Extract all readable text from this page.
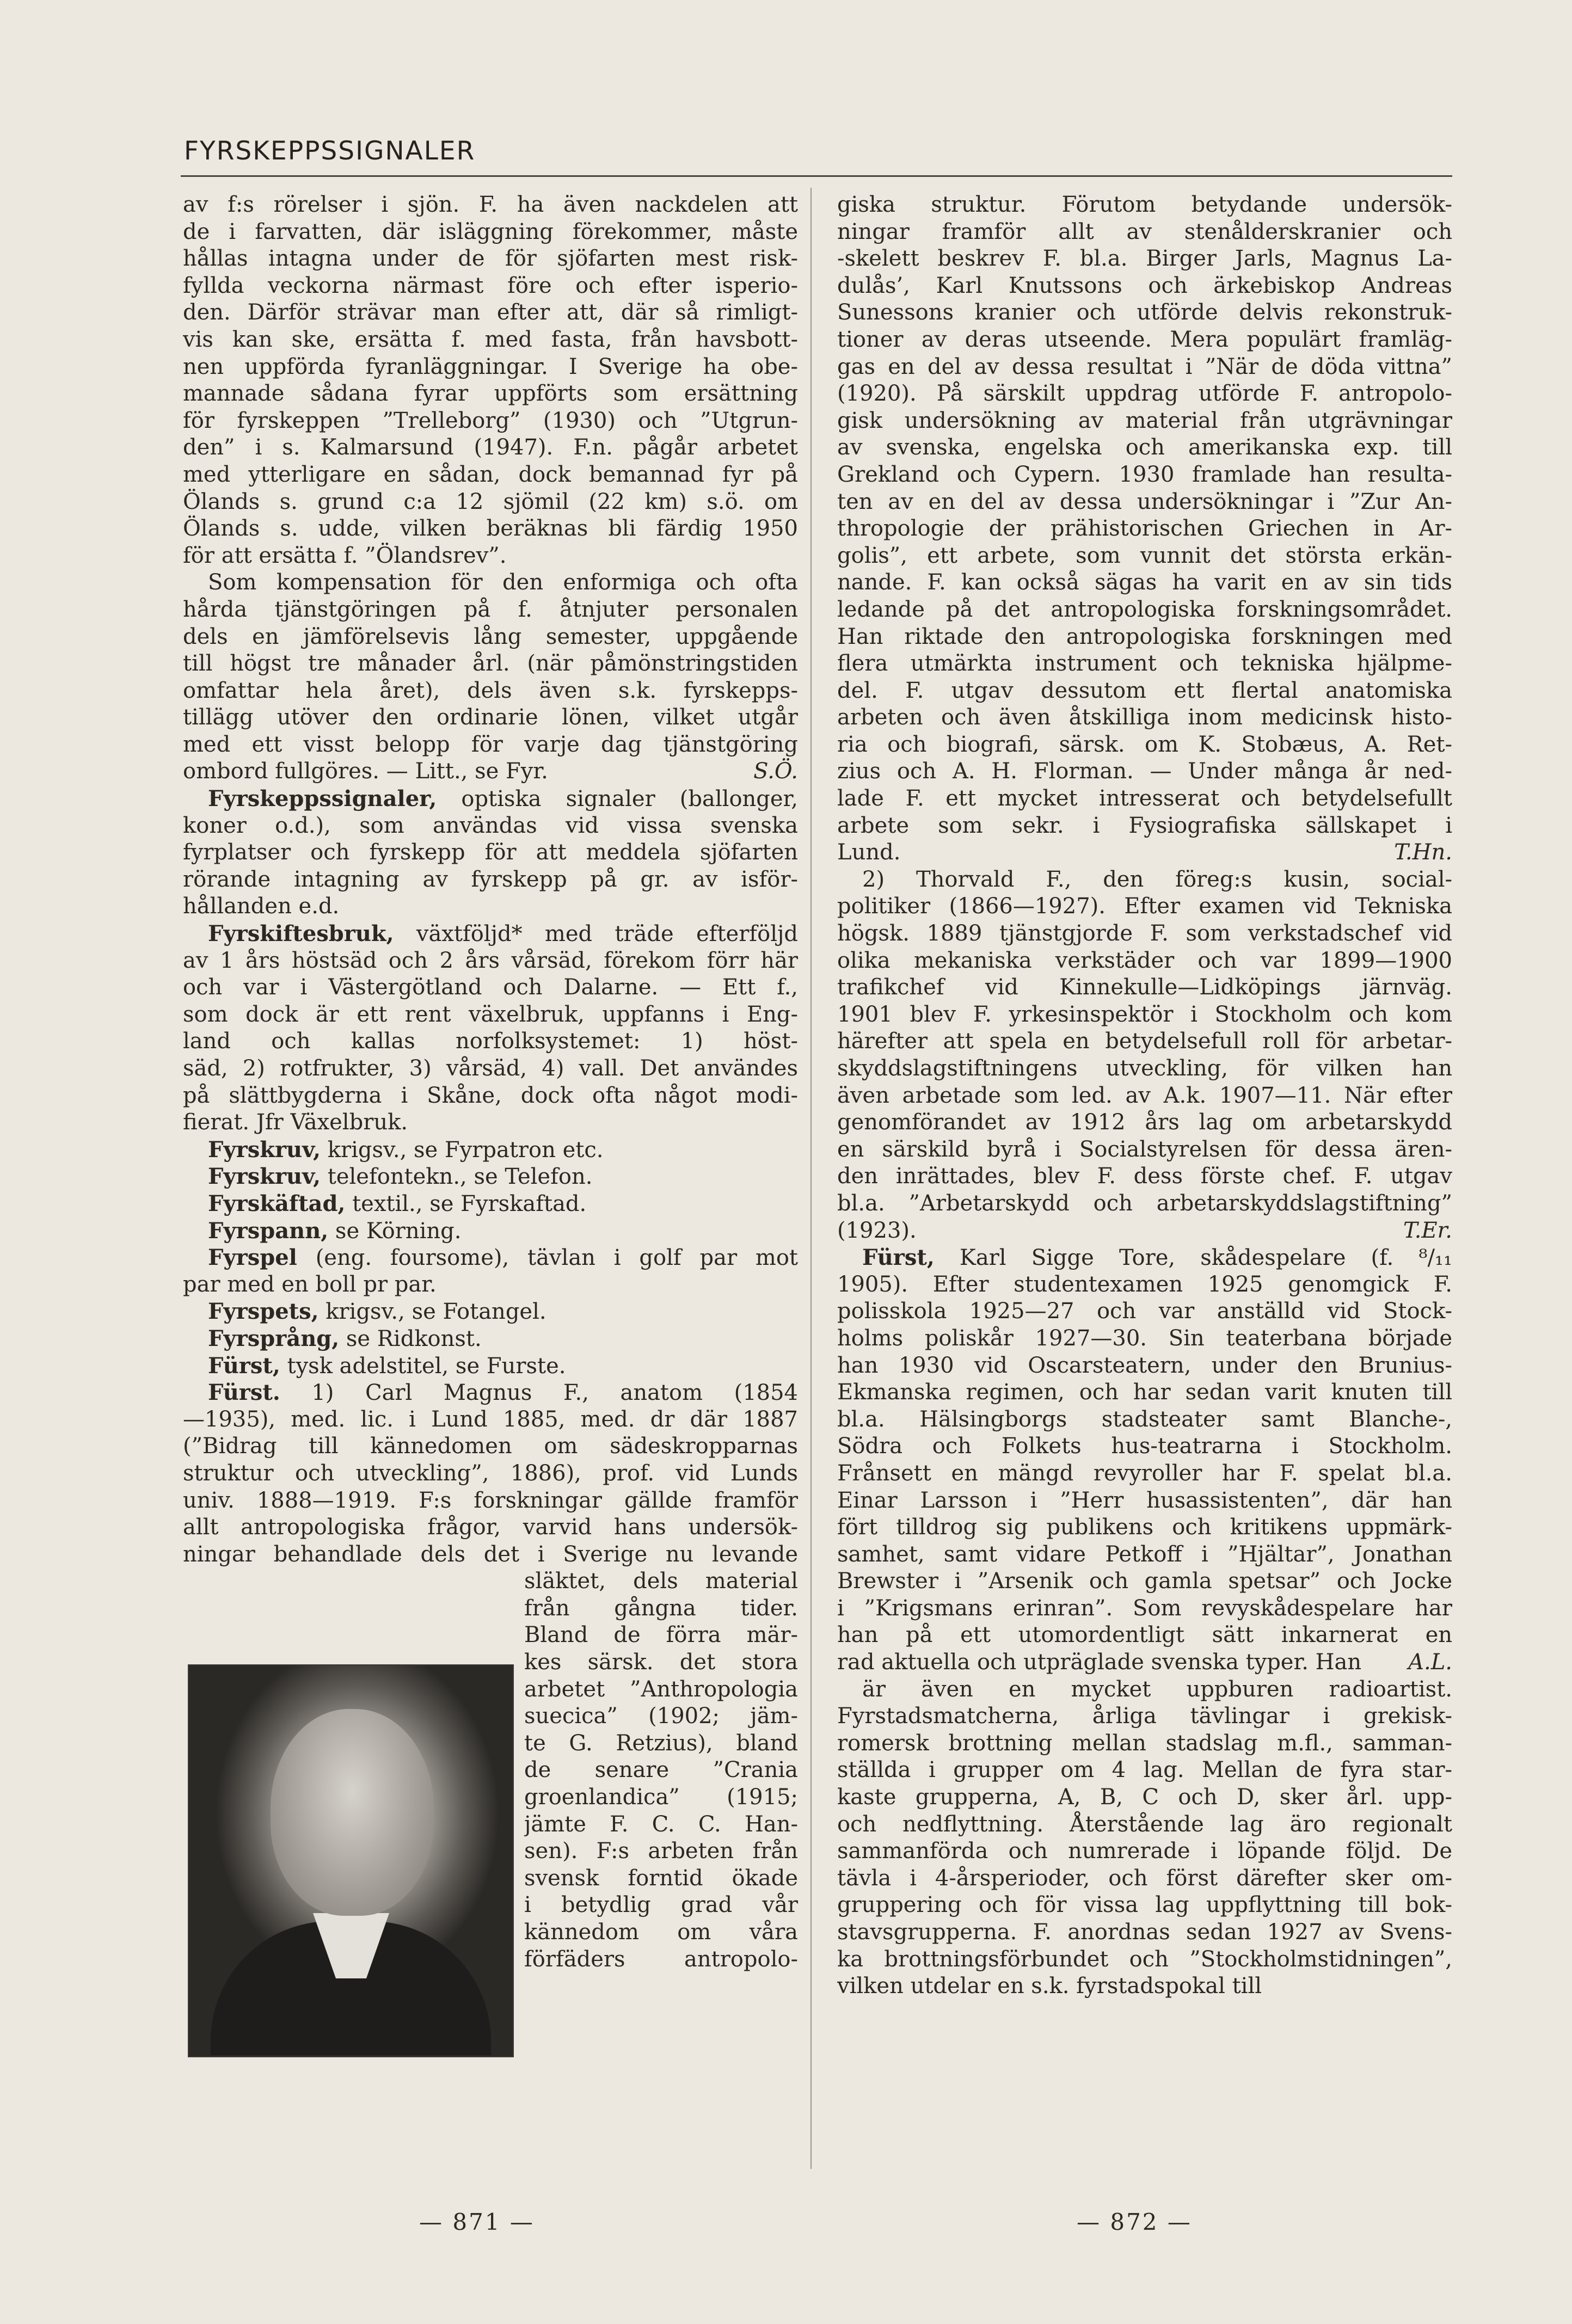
FYRSKEPPSSIGNALER
av f:s rörelser i sjön. F. ha även nackdelen att
de i farvatten, där isläggning förekommer, måste
hållas intagna under de för sjöfarten mest risk-
fyllda veckorna närmast före och efter isperio-
den. Därför strävar man efter att, där så rimligt-
vis kan ske, ersätta f. med fasta, från havsbott-
nen uppförda fyranläggningar. I Sverige ha obe-
mannade sådana fyrar uppförts som ersättning
för fyrskeppen ”Trelleborg” (1930) och ”Utgrun-
den” i s. Kalmarsund (1947). F.n. pågår arbetet
med ytterligare en sådan, dock bemannad fyr på
Ölands s. grund c:a 12 sjömil (22 km) s.ö. om
Ölands s. udde, vilken beräknas bli färdig 1950
för att ersätta f. ”Ölandsrev”.
Som kompensation för den enformiga och ofta
hårda tjänstgöringen på f. åtnjuter personalen
dels en jämförelsevis lång semester, uppgående
till högst tre månader årl. (när påmönstringstiden
omfattar hela året), dels även s.k. fyrskepps-
tillägg utöver den ordinarie lönen, vilket utgår
med ett visst belopp för varje dag tjänstgöring
ombord fullgöres. — Litt., se Fyr.	S.Ö.
Fyrskeppssignaler, optiska signaler (ballonger,
koner o.d.), som användas vid vissa svenska
fyrplatser och fyrskepp för att meddela sjöfarten
rörande intagning av fyrskepp på gr. av isför-
hållanden e.d.
Fyrskiftesbruk, växtföljd* med träde efterföljd
av 1 års höstsäd och 2 års vårsäd, förekom förr här
och var i Västergötland och Dalarne. — Ett f.,
som dock är ett rent växelbruk, uppfanns i Eng-
land och kallas norfolksystemet: 1) höst-
säd, 2) rotfrukter, 3) vårsäd, 4) vall. Det användes
på slättbygderna i Skåne, dock ofta något modi-
fierat. Jfr Växelbruk.
Fyrskruv, krigsv., se Fyrpatron etc.
Fyrskruv, telefontekn., se Telefon.
Fyrskäftad, textil., se Fyrskaftad.
Fyrspann, se Körning.
Fyrspel (eng. foursome), tävlan i golf par mot
par med en boll pr par.
Fyrspets, krigsv., se Fotangel.
Fyrsprång, se Ridkonst.
Fürst, tysk adelstitel, se Furste.
Fürst. 1) Carl Magnus F., anatom (1854
—1935), med. lic. i Lund 1885, med. dr där 1887
(”Bidrag till kännedomen om sädeskropparnas
struktur och utveckling”, 1886), prof. vid Lunds
univ. 1888—1919. F:s forskningar gällde framför
allt antropologiska frågor, varvid hans undersök-
ningar behandlade dels det i Sverige nu levande
släktet, dels material
från gångna tider.
Bland de förra mär-
kes särsk. det stora
arbetet ”Anthropologia
suecica” (1902; jäm-
te G. Retzius), bland
de senare ”Crania
groenlandica” (1915;
jämte F. C. C. Han-
sen). F:s arbeten från
svensk forntid ökade
i betydlig grad vår
kännedom om våra
förfäders antropolo-
giska struktur. Förutom betydande undersök-
ningar framför allt av stenålderskranier och
-skelett beskrev F. bl.a. Birger Jarls, Magnus La-
dulås’, Karl Knutssons och ärkebiskop Andreas
Sunessons kranier och utförde delvis rekonstruk-
tioner av deras utseende. Mera populärt framläg-
gas en del av dessa resultat i ”När de döda vittna”
(1920). På särskilt uppdrag utförde F. antropolo-
gisk undersökning av material från utgrävningar
av svenska, engelska och amerikanska exp. till
Grekland och Cypern. 1930 framlade han resulta-
ten av en del av dessa undersökningar i ”Zur An-
thropologie der prähistorischen Griechen in Ar-
golis”, ett arbete, som vunnit det största erkän-
nande. F. kan också sägas ha varit en av sin tids
ledande på det antropologiska forskningsområdet.
Han riktade den antropologiska forskningen med
flera utmärkta instrument och tekniska hjälpme-
del. F. utgav dessutom ett flertal anatomiska
arbeten och även åtskilliga inom medicinsk histo-
ria och biografi, särsk. om K. Stobæus, A. Ret-
zius och A. H. Florman. — Under många år ned-
lade F. ett mycket intresserat och betydelsefullt
arbete som sekr. i Fysiografiska sällskapet i
Lund.	T.Hn.
2) Thorvald F., den föreg:s kusin, social-
politiker (1866—1927). Efter examen vid Tekniska
högsk. 1889 tjänstgjorde F. som verkstadschef vid
olika mekaniska verkstäder och var 1899—1900
trafikchef vid Kinnekulle—Lidköpings järnväg.
1901 blev F. yrkesinspektör i Stockholm och kom
härefter att spela en betydelsefull roll för arbetar-
skyddslagstiftningens utveckling, för vilken han
även arbetade som led. av A.k. 1907—11. När efter
genomförandet av 1912 års lag om arbetarskydd
en särskild byrå i Socialstyrelsen för dessa ären-
den inrättades, blev F. dess förste chef. F. utgav
bl.a. ”Arbetarskydd och arbetarskyddslagstiftning”
(1923).	T.Er.
Fürst, Karl Sigge Tore, skådespelare (f. ⁸/₁₁
1905). Efter studentexamen 1925 genomgick F.
polisskola 1925—27 och var anställd vid Stock-
holms poliskår 1927—30. Sin teaterbana började
han 1930 vid Oscarsteatern, under den Brunius-
Ekmanska regimen, och har sedan varit knuten till
bl.a. Hälsingborgs stadsteater samt Blanche-,
Södra och Folkets hus-teatrarna i Stockholm.
Frånsett en mängd revyroller har F. spelat bl.a.
Einar Larsson i ”Herr husassistenten”, där han
fört tilldrog sig publikens och kritikens uppmärk-
samhet, samt vidare Petkoff i ”Hjältar”, Jonathan
Brewster i ”Arsenik och gamla spetsar” och Jocke
i ”Krigsmans erinran”. Som revyskådespelare har
han på ett utomordentligt sätt inkarnerat en
rad aktuella och utpräglade svenska typer. Han A.L.
är även en mycket uppburen radioartist.
Fyrstadsmatcherna, årliga tävlingar i grekisk-
romersk brottning mellan stadslag m.fl., samman-
ställda i grupper om 4 lag. Mellan de fyra star-
kaste grupperna, A, B, C och D, sker årl. upp-
och nedflyttning. Återstående lag äro regionalt
sammanförda och numrerade i löpande följd. De
tävla i 4-årsperioder, och först därefter sker om-
gruppering och för vissa lag uppflyttning till bok-
stavsgrupperna. F. anordnas sedan 1927 av Svens-
ka brottningsförbundet och ”Stockholmstidningen”,
vilken utdelar en s.k. fyrstadspokal till
— 871 —	— 872 —
